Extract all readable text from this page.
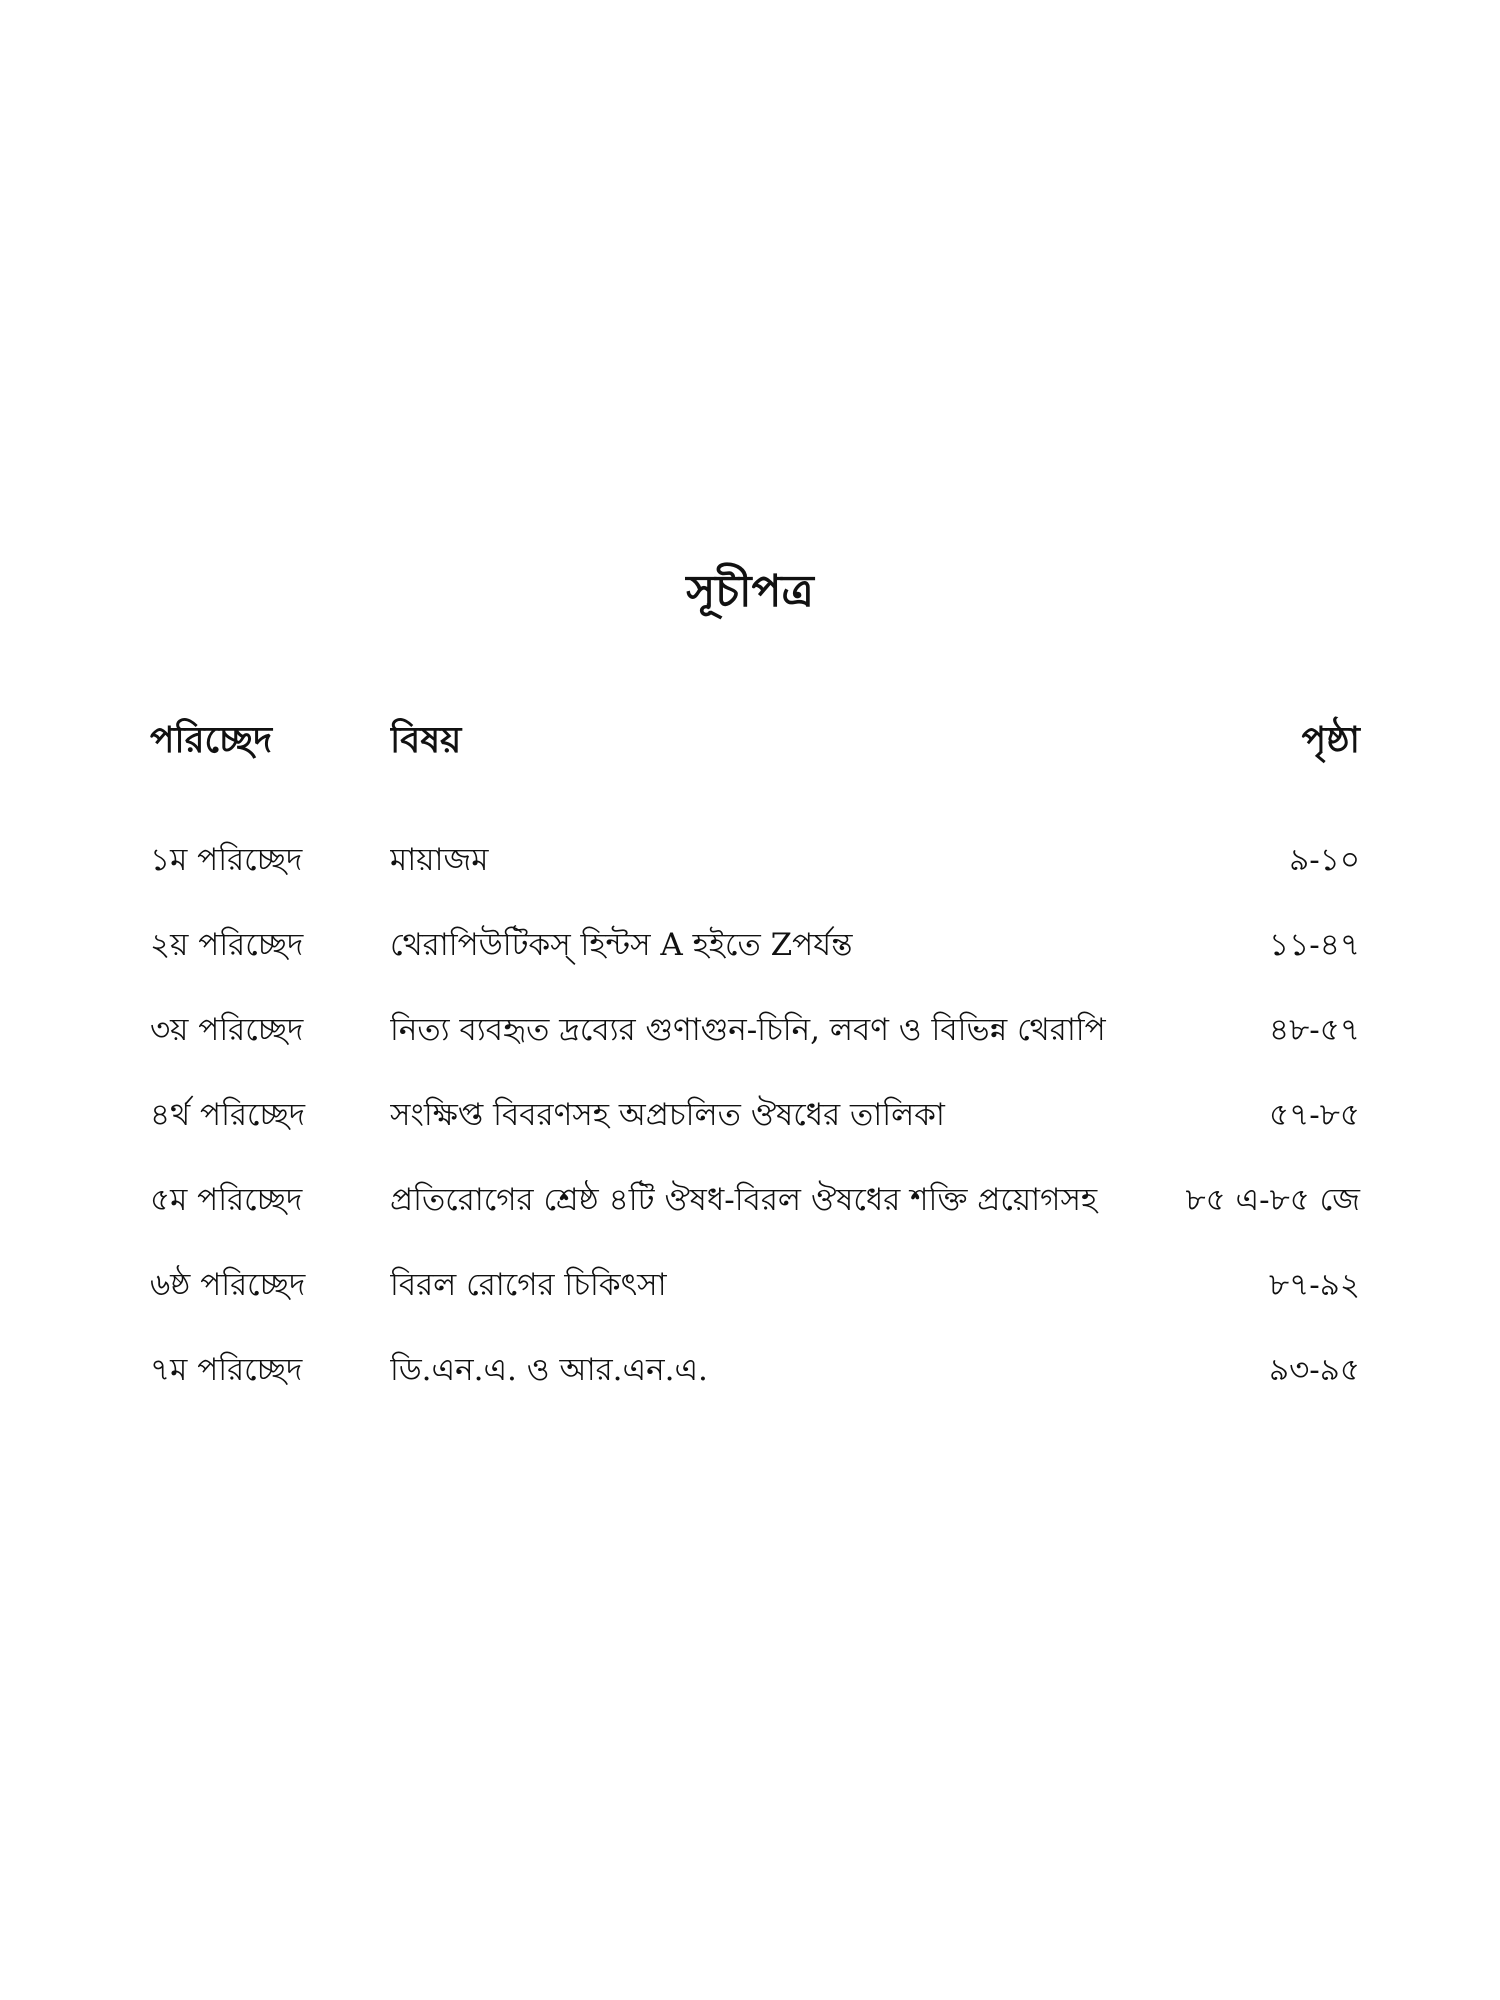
সূচীপত্র
পরিচ্ছেদ	বিষয়	পৃষ্ঠা
১ম পরিচ্ছেদ	মায়াজম	৯-১০
২য় পরিচ্ছেদ	থেরাপিউটিকস্ হিন্টস A হইতে Zপর্যন্ত	১১-৪৭
৩য় পরিচ্ছেদ	নিত্য ব্যবহৃত দ্রব্যের গুণাগুন-চিনি, লবণ ও বিভিন্ন থেরাপি	৪৮-৫৭
৪র্থ পরিচ্ছেদ	সংক্ষিপ্ত বিবরণসহ অপ্রচলিত ঔষধের তালিকা	৫৭-৮৫
৫ম পরিচ্ছেদ	প্রতিরোগের শ্রেষ্ঠ ৪টি ঔষধ-বিরল ঔষধের শক্তি প্রয়োগসহ	৮৫ এ-৮৫ জে
৬ষ্ঠ পরিচ্ছেদ	বিরল রোগের চিকিৎসা	৮৭-৯২
৭ম পরিচ্ছেদ	ডি.এন.এ. ও আর.এন.এ.	৯৩-৯৫
